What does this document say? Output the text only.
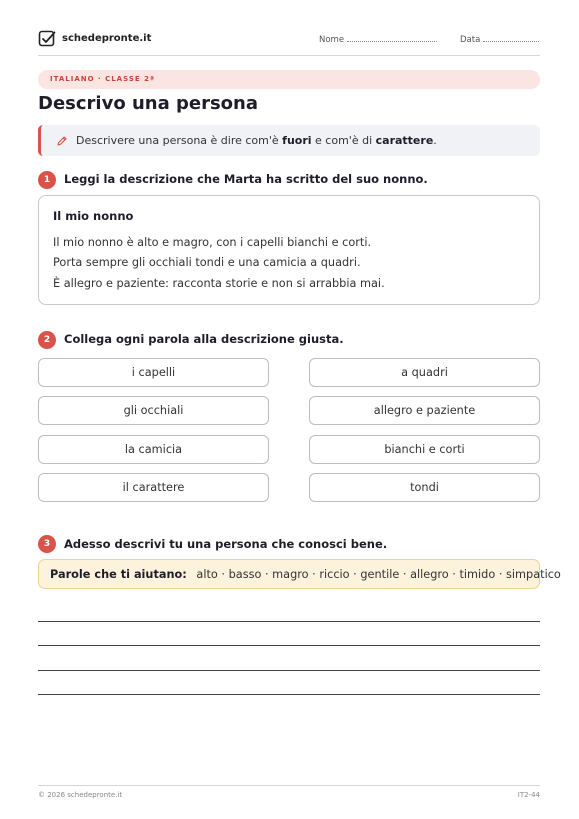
schedepronte.it	Nome	Data
ITALIANO · CLASSE 2ª
Descrivo una persona
Descrivere una persona è dire com'è fuori e com'è di carattere.
1	Leggi la descrizione che Marta ha scritto del suo nonno.
Il mio nonno
Il mio nonno è alto e magro, con i capelli bianchi e corti.
Porta sempre gli occhiali tondi e una camicia a quadri.
È allegro e paziente: racconta storie e non si arrabbia mai.
2	Collega ogni parola alla descrizione giusta.
i capelli	a quadri
gli occhiali	allegro e paziente
la camicia	bianchi e corti
il carattere	tondi
3	Adesso descrivi tu una persona che conosci bene.
Parole che ti aiutano: alto · basso · magro · riccio · gentile · allegro · timido · simpatico
© 2026 schedepronte.it	IT2-44
